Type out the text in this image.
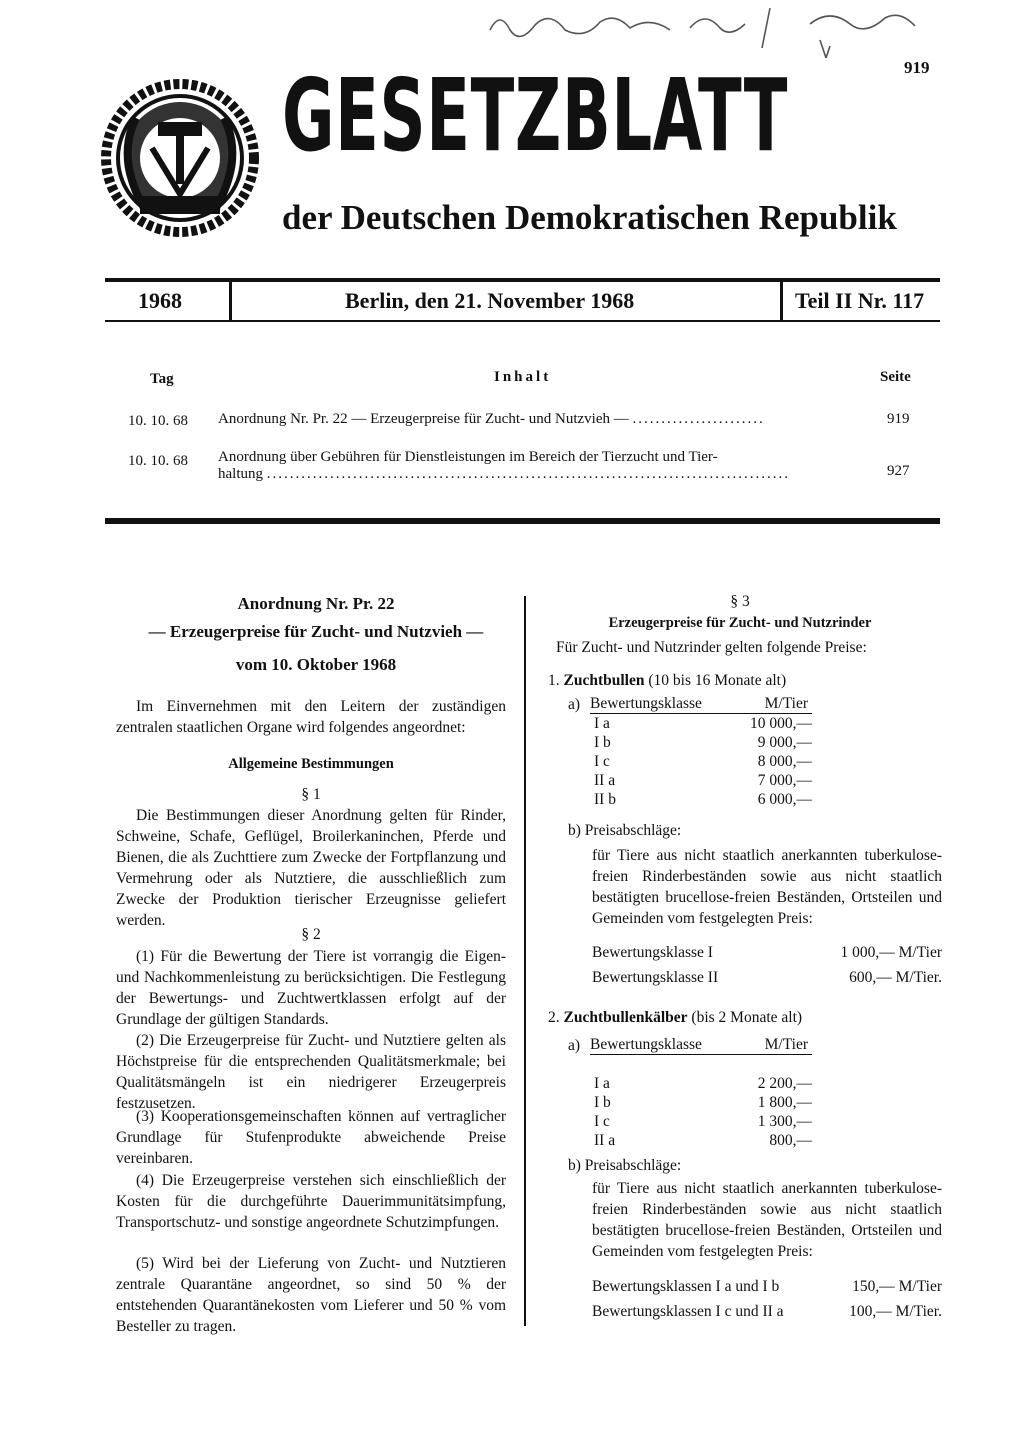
919
GESETZBLATT
der Deutschen Demokratischen Republik
1968	Berlin, den 21. November 1968	Teil II Nr. 117
Tag	Inhalt	Seite
10. 10. 68 Anordnung Nr. Pr. 22 — Erzeugerpreise für Zucht- und Nutzvieh — .......................	919
10. 10. 68 Anordnung über Gebühren für Dienstleistungen im Bereich der Tierzucht und Tier-
haltung ...........................................................................................	927
Anordnung Nr. Pr. 22
— Erzeugerpreise für Zucht- und Nutzvieh —
vom 10. Oktober 1968
Im Einvernehmen mit den Leitern der zuständigen zentralen staatlichen Organe wird folgendes angeordnet:
Allgemeine Bestimmungen
§ 1
Die Bestimmungen dieser Anordnung gelten für Rinder, Schweine, Schafe, Geflügel, Broilerkaninchen, Pferde und Bienen, die als Zuchttiere zum Zwecke der Fortpflanzung und Vermehrung oder als Nutztiere, die ausschließlich zum Zwecke der Produktion tierischer Erzeugnisse geliefert werden.
§ 2
(1) Für die Bewertung der Tiere ist vorrangig die Eigen- und Nachkommenleistung zu berücksichtigen. Die Festlegung der Bewertungs- und Zuchtwertklassen erfolgt auf der Grundlage der gültigen Standards.
(2) Die Erzeugerpreise für Zucht- und Nutztiere gelten als Höchstpreise für die entsprechenden Qualitätsmerkmale; bei Qualitätsmängeln ist ein niedrigerer Erzeugerpreis festzusetzen.
(3) Kooperationsgemeinschaften können auf vertraglicher Grundlage für Stufenprodukte abweichende Preise vereinbaren.
(4) Die Erzeugerpreise verstehen sich einschließlich der Kosten für die durchgeführte Dauerimmunitätsimpfung, Transportschutz- und sonstige angeordnete Schutzimpfungen.
(5) Wird bei der Lieferung von Zucht- und Nutztieren zentrale Quarantäne angeordnet, so sind 50 % der entstehenden Quarantänekosten vom Lieferer und 50 % vom Besteller zu tragen.
§ 3
Erzeugerpreise für Zucht- und Nutzrinder
Für Zucht- und Nutzrinder gelten folgende Preise:
1. Zuchtbullen (10 bis 16 Monate alt)
a) Bewertungsklasse	M/Tier
I a	10 000,—
I b	9 000,—
I c	8 000,—
II a	7 000,—
II b	6 000,—
b) Preisabschläge:
für Tiere aus nicht staatlich anerkannten tuberkulose-freien Rinderbeständen sowie aus nicht staatlich bestätigten brucellose-freien Beständen, Ortsteilen und Gemeinden vom festgelegten Preis:
Bewertungsklasse I	1 000,— M/Tier
Bewertungsklasse II	600,— M/Tier.
2. Zuchtbullenkälber (bis 2 Monate alt)
a) Bewertungsklasse	M/Tier

I a	2 200,—
I b	1 800,—
I c	1 300,—
II a	800,—
b) Preisabschläge:
für Tiere aus nicht staatlich anerkannten tuberkulose-freien Rinderbeständen sowie aus nicht staatlich bestätigten brucellose-freien Beständen, Ortsteilen und Gemeinden vom festgelegten Preis:
Bewertungsklassen I a und I b	150,— M/Tier
Bewertungsklassen I c und II a	100,— M/Tier.
